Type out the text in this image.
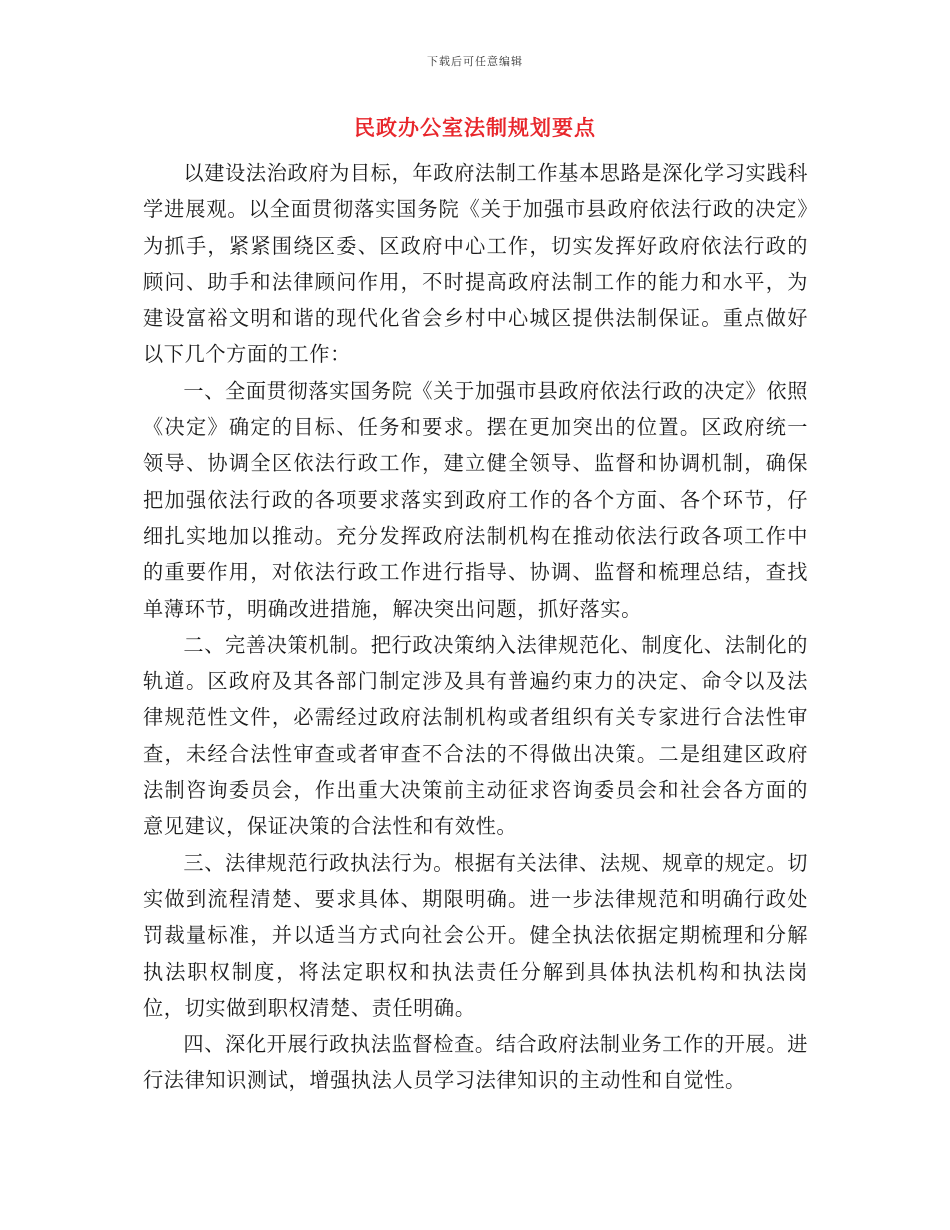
下载后可任意编辑
民政办公室法制规划要点

以建设法治政府为目标，年政府法制工作基本思路是深化学习实践科学进展观。以全面贯彻落实国务院《关于加强市县政府依法行政的决定》为抓手，紧紧围绕区委、区政府中心工作，切实发挥好政府依法行政的顾问、助手和法律顾问作用，不时提高政府法制工作的能力和水平，为建设富裕文明和谐的现代化省会乡村中心城区提供法制保证。重点做好以下几个方面的工作：

一、全面贯彻落实国务院《关于加强市县政府依法行政的决定》依照《决定》确定的目标、任务和要求。摆在更加突出的位置。区政府统一领导、协调全区依法行政工作，建立健全领导、监督和协调机制，确保把加强依法行政的各项要求落实到政府工作的各个方面、各个环节，仔细扎实地加以推动。充分发挥政府法制机构在推动依法行政各项工作中的重要作用，对依法行政工作进行指导、协调、监督和梳理总结，查找单薄环节，明确改进措施，解决突出问题，抓好落实。

二、完善决策机制。把行政决策纳入法律规范化、制度化、法制化的轨道。区政府及其各部门制定涉及具有普遍约束力的决定、命令以及法律规范性文件，必需经过政府法制机构或者组织有关专家进行合法性审查，未经合法性审查或者审查不合法的不得做出决策。二是组建区政府法制咨询委员会，作出重大决策前主动征求咨询委员会和社会各方面的意见建议，保证决策的合法性和有效性。

三、法律规范行政执法行为。根据有关法律、法规、规章的规定。切实做到流程清楚、要求具体、期限明确。进一步法律规范和明确行政处罚裁量标准，并以适当方式向社会公开。健全执法依据定期梳理和分解执法职权制度，将法定职权和执法责任分解到具体执法机构和执法岗位，切实做到职权清楚、责任明确。

四、深化开展行政执法监督检查。结合政府法制业务工作的开展。进行法律知识测试，增强执法人员学习法律知识的主动性和自觉性。
